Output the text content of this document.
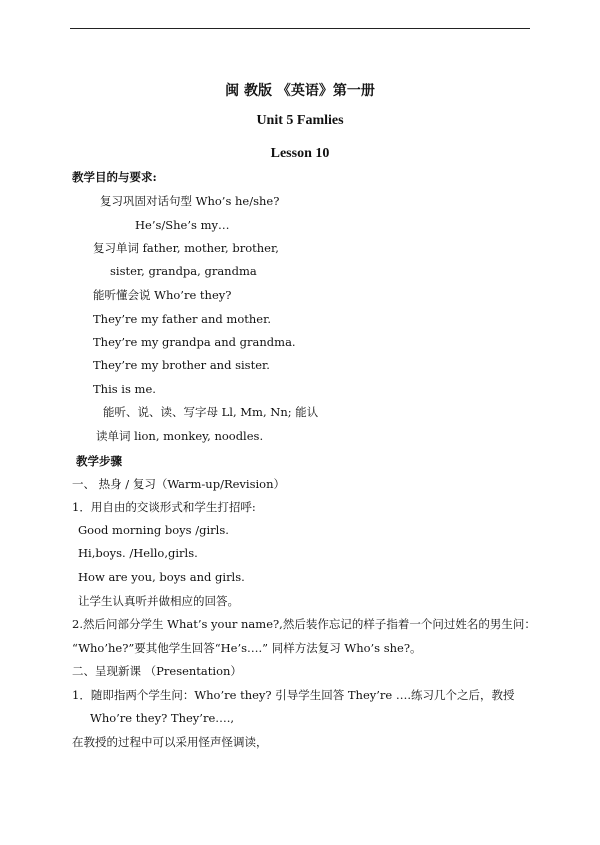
闽 教版 《英语》第一册
Unit 5 Famlies
Lesson 10
教学目的与要求:
复习巩固对话句型 Who’s he/she?
He’s/She’s my…
复习单词 father, mother, brother,
sister, grandpa, grandma
能听懂会说 Who’re they?
They’re my father and mother.
They’re my grandpa and grandma.
They’re my brother and sister.
This is me.
能听、说、读、写字母 Ll, Mm, Nn; 能认
读单词 lion, monkey, noodles.
教学步骤
一、 热身 / 复习（Warm-up/Revision）
1．用自由的交谈形式和学生打招呼:
Good morning boys /girls.
Hi,boys. /Hello,girls.
How are you, boys and girls.
让学生认真听并做相应的回答。
2.然后问部分学生 What’s your name?,然后装作忘记的样子指着一个问过姓名的男生问：
“Who’he?”要其他学生回答“He’s….” 同样方法复习 Who’s she?。
二、呈现新课 （Presentation）
1．随即指两个学生问：Who’re they? 引导学生回答 They’re ….练习几个之后，教授
Who’re they? They’re….,
在教授的过程中可以采用怪声怪调读，
